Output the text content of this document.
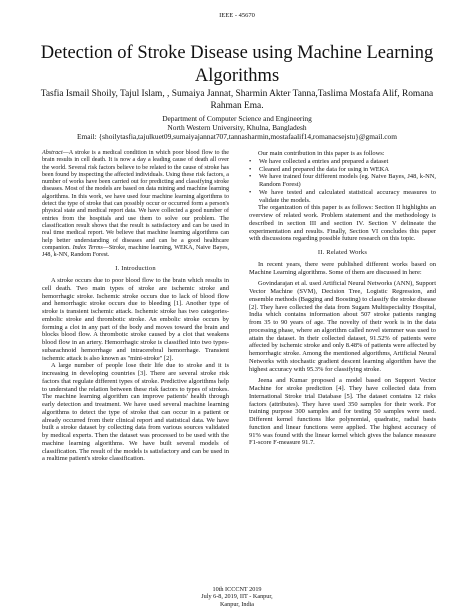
IEEE - 45670
Detection of Stroke Disease using Machine Learning Algorithms
Tasfia Ismail Shoily, Tajul Islam, , Sumaiya Jannat, Sharmin Akter Tanna,Taslima Mostafa Alif, Romana Rahman Ema.
Department of Computer Science and Engineering
North Western University, Khulna, Bangladesh
Email: {shoilytasfia,tajulkuet09,sumaiyajannat707,tannasharmin,mostafaalif14,romanacsejstu}@gmail.com

Abstract—A stroke is a medical condition in which poor blood flow to the brain results in cell death. It is now a day a leading cause of death all over the world. Several risk factors believe to be related to the cause of stroke has been found by inspecting the affected individuals. Using these risk factors, a number of works have been carried out for predicting and classifying stroke diseases. Most of the models are based on data mining and machine learning algorithms. In this work, we have used four machine learning algorithms to detect the type of stroke that can possibly occur or occurred form a person's physical state and medical report data. We have collected a good number of entries from the hospitals and use them to solve our problem. The classification result shows that the result is satisfactory and can be used in real time medical report. We believe that machine learning algorithms can help better understanding of diseases and can be a good healthcare companion. Index Terms—Stroke, machine learning, WEKA, Naive Bayes, J48, k-NN, Random Forest.

I. Introduction

A stroke occurs due to poor blood flow to the brain which results in cell death. Two main types of stroke are ischemic stroke and hemorrhagic stroke. Ischemic stroke occurs due to lack of blood flow and hemorrhagic stroke occurs due to bleeding [1]. Another type of stroke is transient ischemic attack. Ischemic stroke has two categories- embolic stroke and thrombotic stroke. An embolic stroke occurs by forming a clot in any part of the body and moves toward the brain and blocks blood flow. A thrombotic stroke caused by a clot that weakens blood flow in an artery. Hemorrhagic stroke is classified into two types- subarachnoid hemorrhage and intracerebral hemorrhage. Transient ischemic attack is also known as "mini-stroke" [2].

A large number of people lose their life due to stroke and it is increasing in developing countries [3]. There are several stroke risk factors that regulate different types of stroke. Predictive algorithms help to understand the relation between these risk factors to types of strokes. The machine learning algorithm can improve patients' health through early detection and treatment. We have used several machine learning algorithms to detect the type of stroke that can occur in a patient or already occurred from their clinical report and statistical data. We have built a stroke dataset by collecting data from various sources validated by medical experts. Then the dataset was processed to be used with the machine learning algorithms. We have built several models of classification. The result of the models is satisfactory and can be used in a realtime patient's stroke classification.

Our main contribution in this paper is as follows:

•	We have collected a entries and prepared a dataset
•	Cleaned and prepared the data for using in WEKA
•	We have trained four different models (eg. Naive Bayes, J48, k-NN, Random Forest)
•	We have tested and calculated statistical accuracy measures to validate the models.

The organization of this paper is as follows: Section II highlights an overview of related work. Problem statement and the methodology is described in section III and section IV. Section V delineate the experimentation and results. Finally, Section VI concludes this paper with discussions regarding possible future research on this topic.

II. Related Works

In recent years, there were published different works based on Machine Learning algorithms. Some of them are discussed in here:

Govindarajan et al. used Artificial Neural Networks (ANN), Support Vector Machine (SVM), Decision Tree, Logistic Regression, and ensemble methods (Bagging and Boosting) to classify the stroke disease [2]. They have collected the data from Sugam Multispeciality Hospital, India which contains information about 507 stroke patients ranging from 35 to 90 years of age. The novelty of their work is in the data processing phase, where an algorithm called novel stemmer was used to attain the dataset. In their collected dataset, 91.52% of patients were affected by ischemic stroke and only 8.48% of patients were affected by hemorrhagic stroke. Among the mentioned algorithms, Artificial Neural Networks with stochastic gradient descent learning algorithm have the highest accuracy with 95.3% for classifying stroke.

Jeena and Kumar proposed a model based on Support Vector Machine for stroke prediction [4]. They have collected data from International Stroke trial Database [5]. The dataset contains 12 risks factors (attributes). They have used 350 samples for their work. For training purpose 300 samples and for testing 50 samples were used. Different kernel functions like polynomial, quadratic, radial basis function and linear functions were applied. The highest accuracy of 91% was found with the linear kernel which gives the balance measure F1-score F-measure 91.7.

10th ICCCNT 2019
July 6-8, 2019, IIT - Kanpur,
Kanpur, India
